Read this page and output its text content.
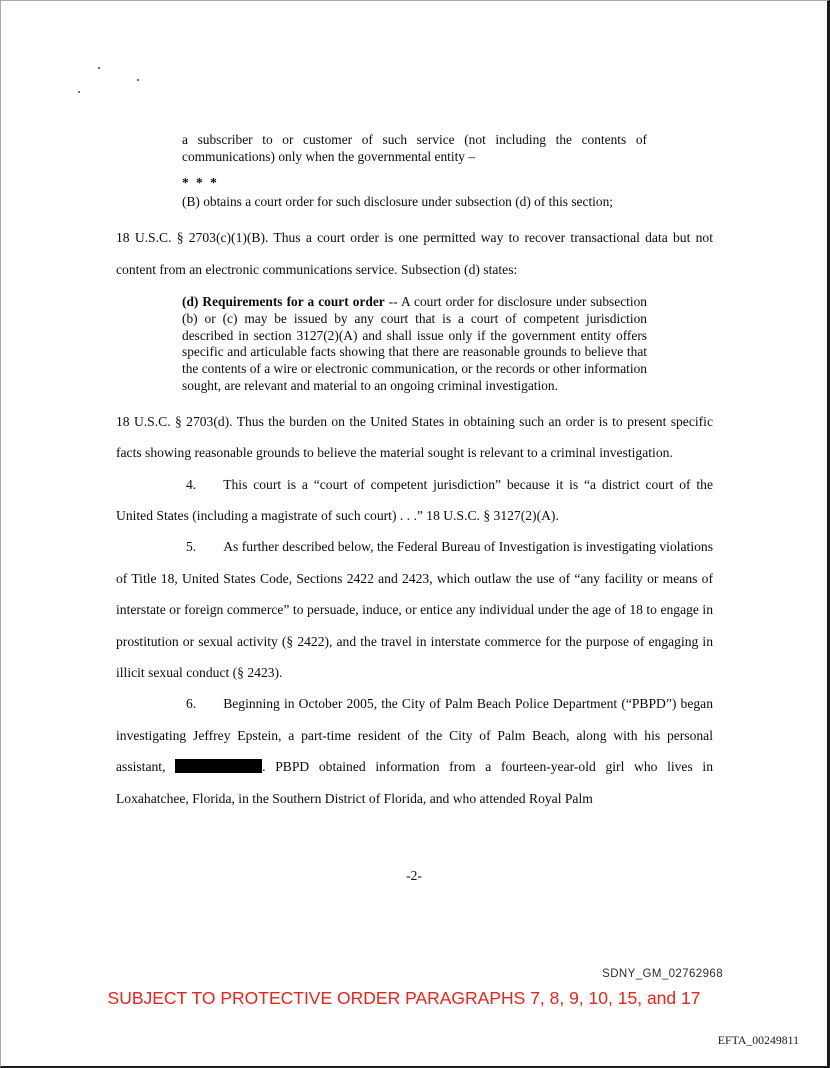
a subscriber to or customer of such service (not including the contents of communications) only when the governmental entity –

* * *

(B) obtains a court order for such disclosure under subsection (d) of this section;

18 U.S.C. § 2703(c)(1)(B). Thus a court order is one permitted way to recover transactional data but not content from an electronic communications service. Subsection (d) states:

(d) Requirements for a court order -- A court order for disclosure under subsection (b) or (c) may be issued by any court that is a court of competent jurisdiction described in section 3127(2)(A) and shall issue only if the government entity offers specific and articulable facts showing that there are reasonable grounds to believe that the contents of a wire or electronic communication, or the records or other information sought, are relevant and material to an ongoing criminal investigation.

18 U.S.C. § 2703(d). Thus the burden on the United States in obtaining such an order is to present specific facts showing reasonable grounds to believe the material sought is relevant to a criminal investigation.

4. This court is a “court of competent jurisdiction” because it is “a district court of the United States (including a magistrate of such court) . . .” 18 U.S.C. § 3127(2)(A).

5. As further described below, the Federal Bureau of Investigation is investigating violations of Title 18, United States Code, Sections 2422 and 2423, which outlaw the use of “any facility or means of interstate or foreign commerce” to persuade, induce, or entice any individual under the age of 18 to engage in prostitution or sexual activity (§ 2422), and the travel in interstate commerce for the purpose of engaging in illicit sexual conduct (§ 2423).

6. Beginning in October 2005, the City of Palm Beach Police Department (“PBPD”) began investigating Jeffrey Epstein, a part-time resident of the City of Palm Beach, along with his personal assistant,	. PBPD obtained information from a fourteen-year-old girl who lives in Loxahatchee, Florida, in the Southern District of Florida, and who attended Royal Palm

-2-
SDNY_GM_02762968
SUBJECT TO PROTECTIVE ORDER PARAGRAPHS 7, 8, 9, 10, 15, and 17
EFTA_00249811
